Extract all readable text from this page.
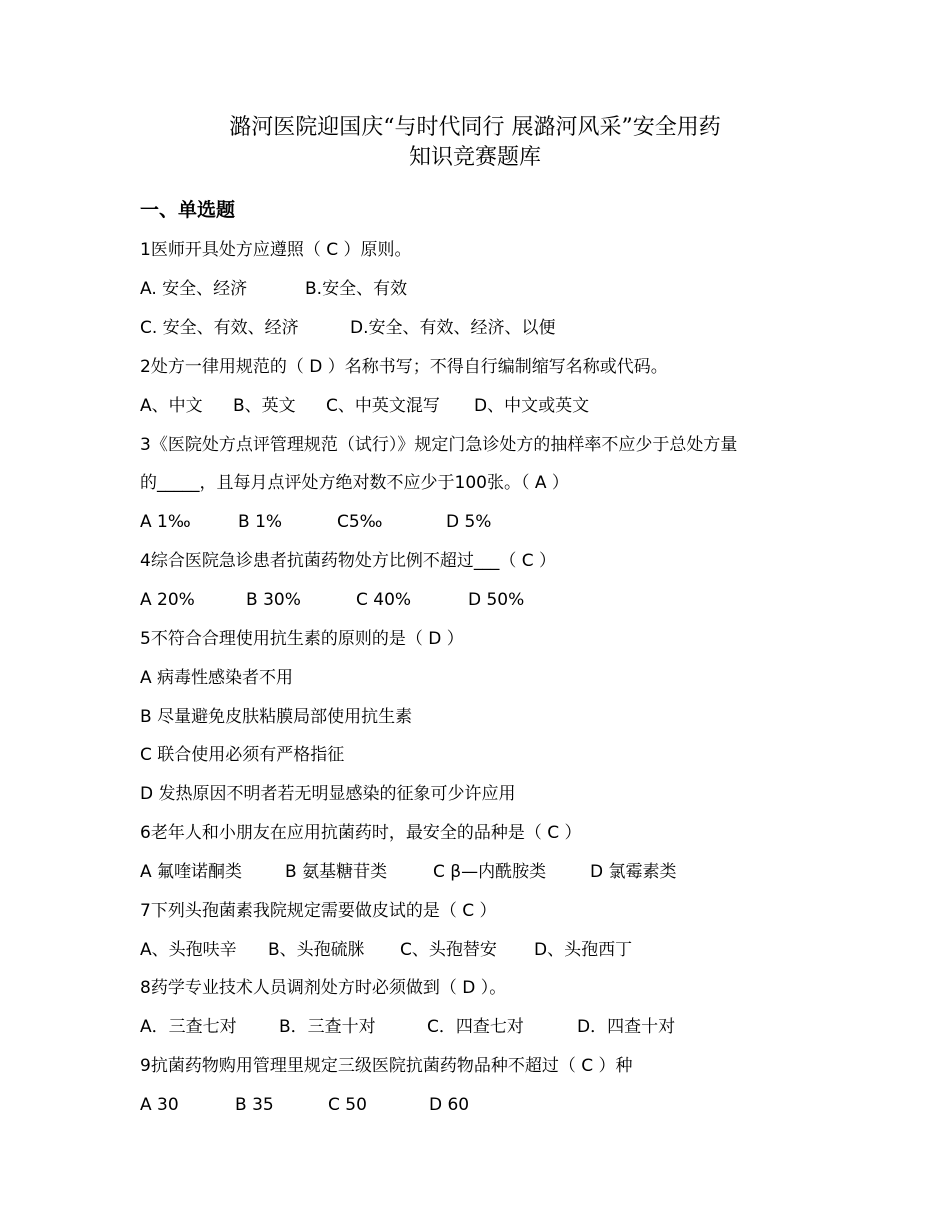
潞河医院迎国庆“与时代同行 展潞河风采”安全用药
知识竞赛题库
一、单选题
1医师开具处方应遵照（ C ）原则。
A. 安全、经济	B.安全、有效
C. 安全、有效、经济	D.安全、有效、经济、以便
2处方一律用规范的（ D ）名称书写；不得自行编制缩写名称或代码。
A、中文 B、英文 C、中英文混写 D、中文或英文
3《医院处方点评管理规范（试行）》规定门急诊处方的抽样率不应少于总处方量
的_____，且每月点评处方绝对数不应少于100张。（ A ）
A 1‰	B 1%	C5‰	D 5%
4综合医院急诊患者抗菌药物处方比例不超过___（ C ）
A 20%	B 30%	C 40%	D 50%
5不符合合理使用抗生素的原则的是（ D ）
A 病毒性感染者不用
B 尽量避免皮肤粘膜局部使用抗生素
C 联合使用必须有严格指征
D 发热原因不明者若无明显感染的征象可少许应用
6老年人和小朋友在应用抗菌药时，最安全的品种是（ C ）
A 氟喹诺酮类	B 氨基糖苷类	C β—内酰胺类	D 氯霉素类
7下列头孢菌素我院规定需要做皮试的是（ C ）
A、头孢呋辛 B、头孢硫脒 C、头孢替安 D、头孢西丁
8药学专业技术人员调剂处方时必须做到（ D ）。
A．三查七对 B．三查十对	C．四查七对	D．四查十对
9抗菌药物购用管理里规定三级医院抗菌药物品种不超过（ C ）种
A 30	B 35	C 50	D 60
